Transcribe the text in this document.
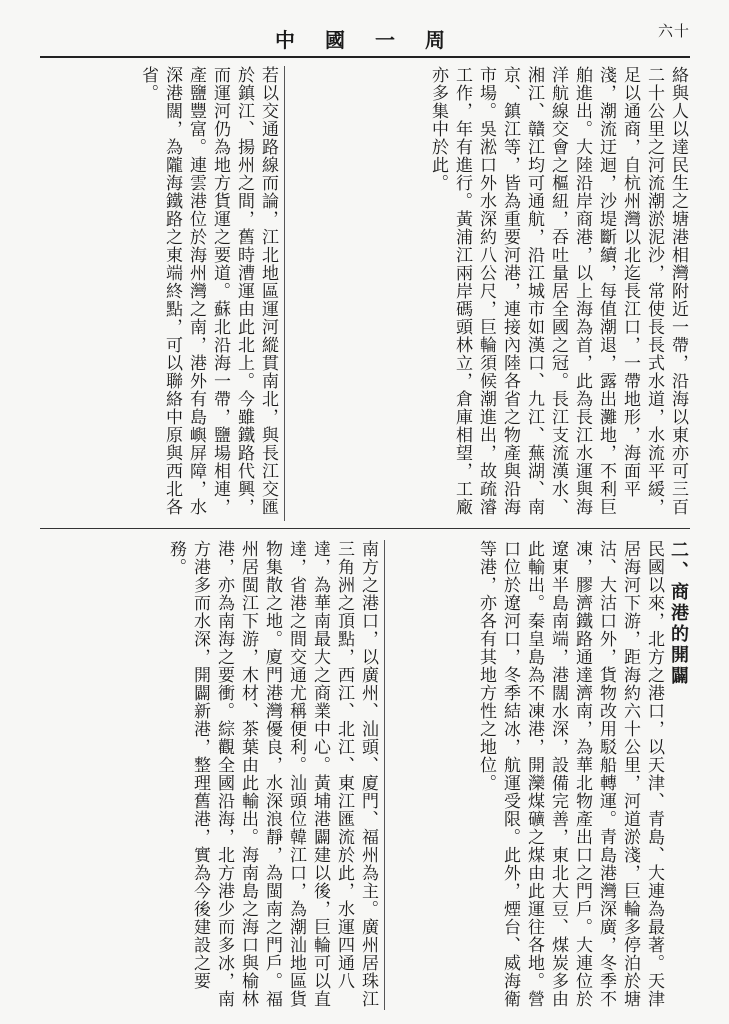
中國一周	六十

絡與人以達民生之塘港相灣附近一帶，沿海以東亦可三百二十公里之河流潮淤泥沙，常使長長式水道，水流平緩，足以通商，自杭州灣以北迄長江口，一帶地形，海面平淺，潮流迂迴，沙堤斷續，每值潮退，露出灘地，不利巨舶進出。大陸沿岸商港，以上海為首，此為長江水運與海洋航線交會之樞紐，吞吐量居全國之冠。長江支流漢水、湘江、贛江均可通航，沿江城市如漢口、九江、蕪湖、南京、鎮江等，皆為重要河港，連接內陸各省之物產與沿海市場。吳淞口外水深約八公尺，巨輪須候潮進出，故疏濬工作，年有進行。黃浦江兩岸碼頭林立，倉庫相望，工廠亦多集中於此。

若以交通路線而論，江北地區運河縱貫南北，與長江交匯於鎮江、揚州之間，舊時漕運由此北上。今雖鐵路代興，而運河仍為地方貨運之要道。蘇北沿海一帶，鹽場相連，產鹽豐富。連雲港位於海州灣之南，港外有島嶼屏障，水深港闊，為隴海鐵路之東端終點，可以聯絡中原與西北各省。

二、商港的開闢

民國以來，北方之港口，以天津、青島、大連為最著。天津居海河下游，距海約六十公里，河道淤淺，巨輪多停泊於塘沽、大沽口外，貨物改用駁船轉運。青島港灣深廣，冬季不凍，膠濟鐵路通達濟南，為華北物產出口之門戶。大連位於遼東半島南端，港闊水深，設備完善，東北大豆、煤炭多由此輸出。秦皇島為不凍港，開灤煤礦之煤由此運往各地。營口位於遼河口，冬季結冰，航運受限。此外，煙台、威海衛等港，亦各有其地方性之地位。

南方之港口，以廣州、汕頭、廈門、福州為主。廣州居珠江三角洲之頂點，西江、北江、東江匯流於此，水運四通八達，為華南最大之商業中心。黃埔港闢建以後，巨輪可以直達，省港之間交通尤稱便利。汕頭位韓江口，為潮汕地區貨物集散之地。廈門港灣優良，水深浪靜，為閩南之門戶。福州居閩江下游，木材、茶葉由此輸出。海南島之海口與榆林港，亦為南海之要衝。綜觀全國沿海，北方港少而多冰，南方港多而水深，開闢新港，整理舊港，實為今後建設之要務。
